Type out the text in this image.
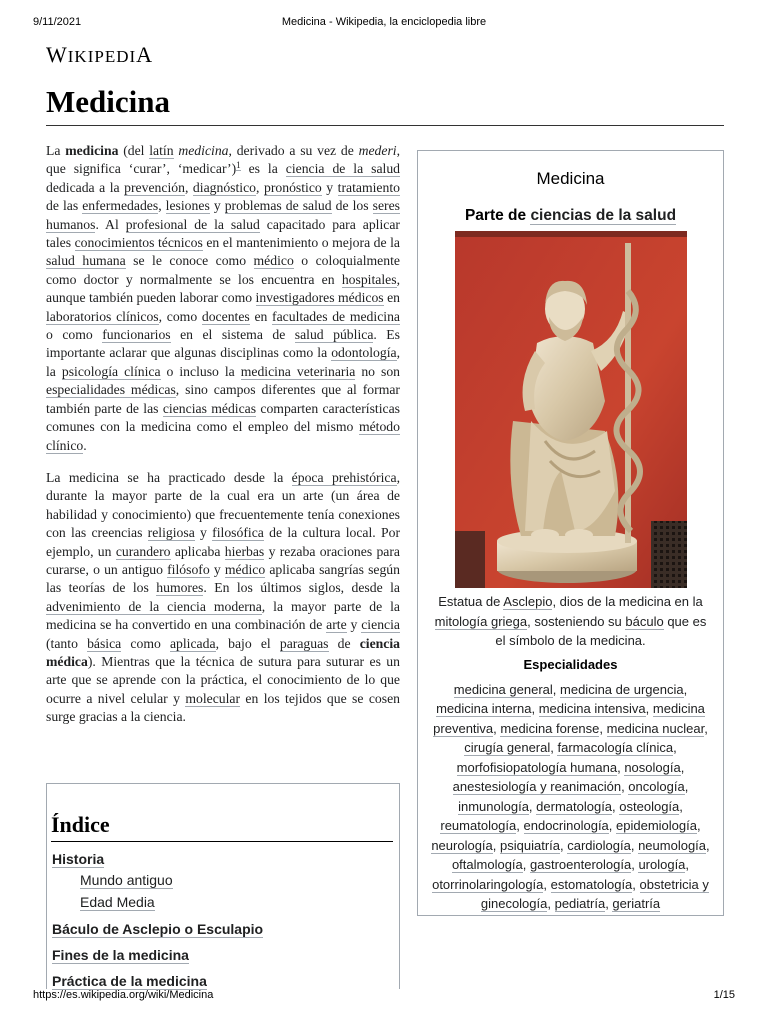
9/11/2021	Medicina - Wikipedia, la enciclopedia libre
WIKIPEDIA
Medicina

La medicina (del latín medicina, derivado a su vez de mederi, que significa ‘curar’, ‘medicar’)$^1$ es la ciencia de la salud dedicada a la prevención, diagnóstico, pronóstico y tratamiento de las enfermedades, lesiones y problemas de salud de los seres humanos. Al profesional de la salud capacitado para aplicar tales conocimientos técnicos en el mantenimiento o mejora de la salud humana se le conoce como médico o coloquialmente como doctor y normalmente se los encuentra en hospitales, aunque también pueden laborar como investigadores médicos en laboratorios clínicos, como docentes en facultades de medicina o como funcionarios en el sistema de salud pública. Es importante aclarar que algunas disciplinas como la odontología, la psicología clínica o incluso la medicina veterinaria no son especialidades médicas, sino campos diferentes que al formar también parte de las ciencias médicas comparten características comunes con la medicina como el empleo del mismo método clínico.

La medicina se ha practicado desde la época prehistórica, durante la mayor parte de la cual era un arte (un área de habilidad y conocimiento) que frecuentemente tenía conexiones con las creencias religiosa y filosófica de la cultura local. Por ejemplo, un curandero aplicaba hierbas y rezaba oraciones para curarse, o un antiguo filósofo y médico aplicaba sangrías según las teorías de los humores. En los últimos siglos, desde la advenimiento de la ciencia moderna, la mayor parte de la medicina se ha convertido en una combinación de arte y ciencia (tanto básica como aplicada, bajo el paraguas de ciencia médica). Mientras que la técnica de sutura para suturar es un arte que se aprende con la práctica, el conocimiento de lo que ocurre a nivel celular y molecular en los tejidos que se cosen surge gracias a la ciencia.

Índice
Historia
Mundo antiguo
Edad Media
Báculo de Asclepio o Esculapio
Fines de la medicina
Práctica de la medicina
Medicina
Parte de ciencias de la salud
Estatua de Asclepio, dios de la medicina en la mitología griega, sosteniendo su báculo que es el símbolo de la medicina.
Especialidades
medicina general, medicina de urgencia, medicina interna, medicina intensiva, medicina preventiva, medicina forense, medicina nuclear, cirugía general, farmacología clínica, morfofisiopatología humana, nosología, anestesiología y reanimación, oncología, inmunología, dermatología, osteología, reumatología, endocrinología, epidemiología, neurología, psiquiatría, cardiología, neumología, oftalmología, gastroenterología, urología, otorrinolaringología, estomatología, obstetricia y ginecología, pediatría, geriatría
https://es.wikipedia.org/wiki/Medicina	1/15
